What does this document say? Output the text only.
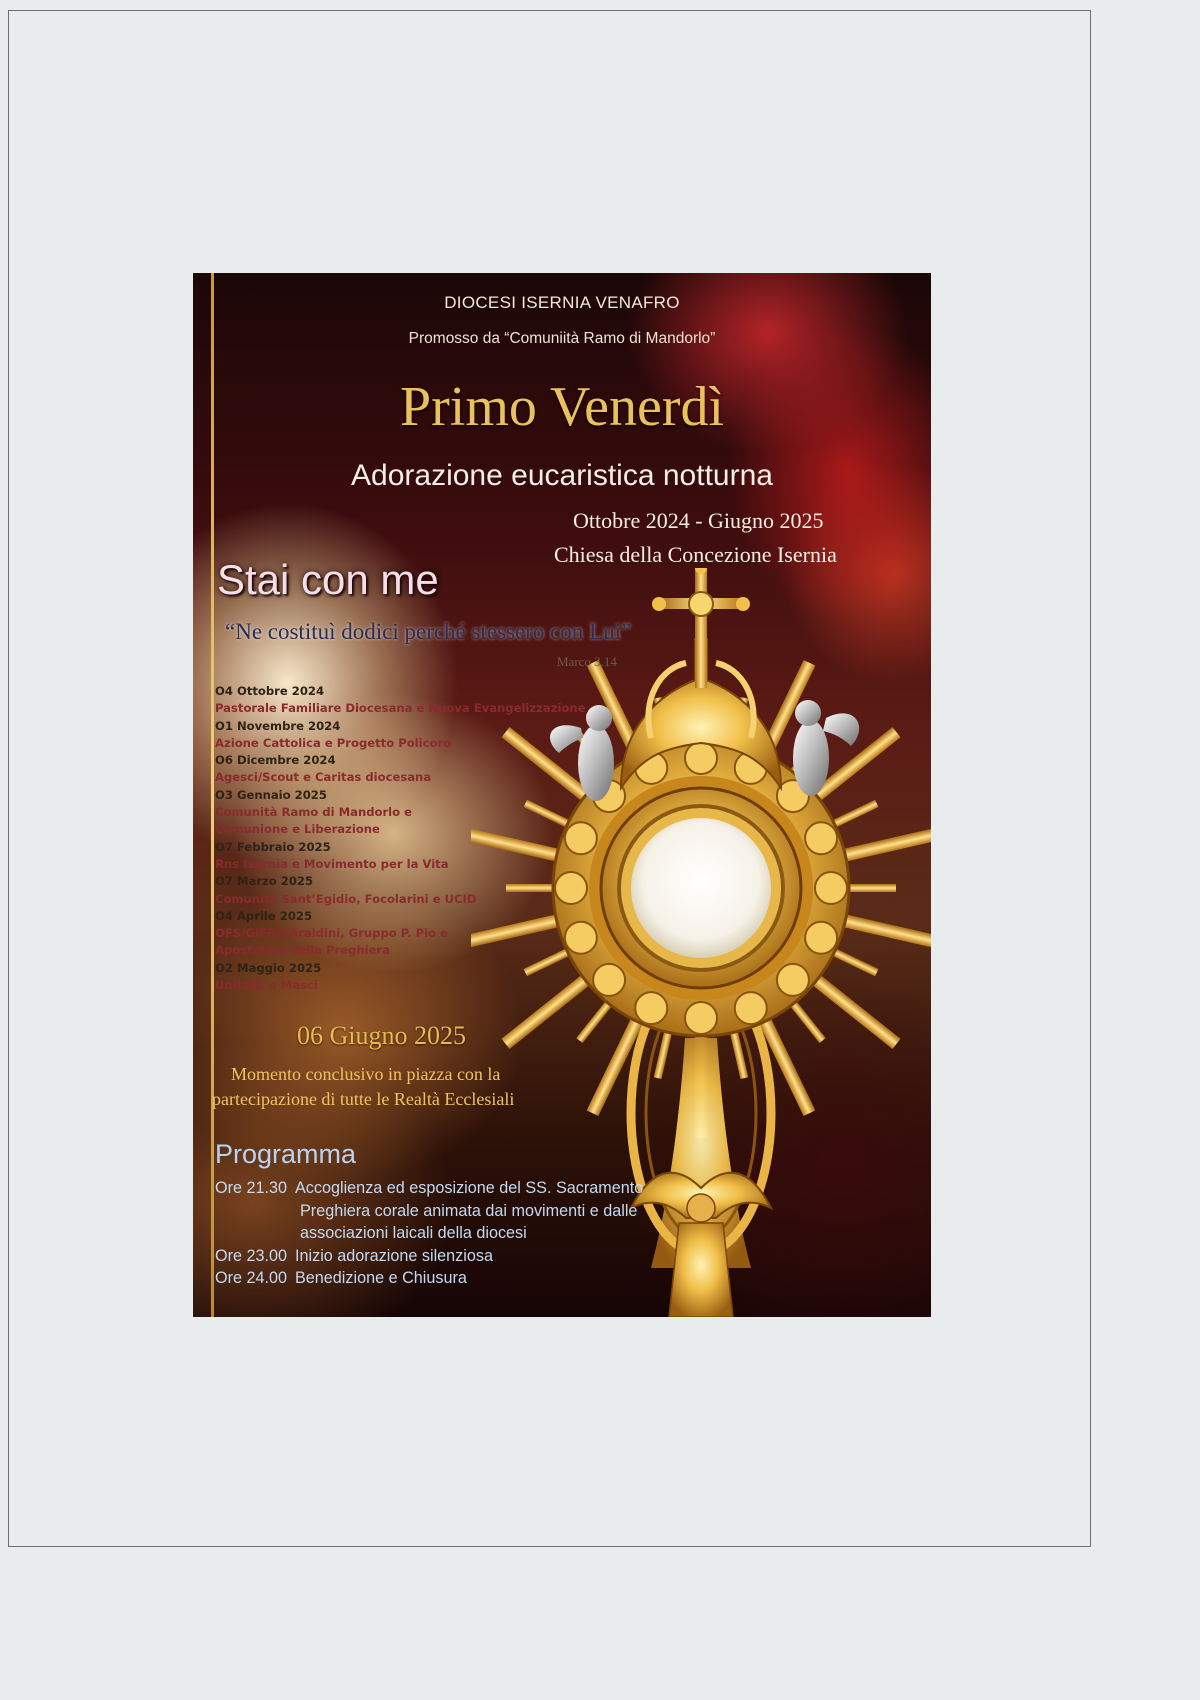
DIOCESI ISERNIA VENAFRO
Promosso da “Comuniità Ramo di Mandorlo”
Primo Venerdì
Adorazione eucaristica notturna
Ottobre 2024 - Giugno 2025
Chiesa della Concezione Isernia
Stai con me
“Ne costituì dodici perché stessero con Lui”
Marco 3.14
O4 Ottobre 2024
Pastorale Familiare Diocesana e Nuova Evangelizzazione
O1 Novembre 2024
Azione Cattolica e Progetto Policoro
O6 Dicembre 2024
Agesci/Scout e Caritas diocesana
O3 Gennaio 2025
Comunità Ramo di Mandorlo e
Comunione e Liberazione
O7 Febbraio 2025
Rns Isernia e Movimento per la Vita
O7 Marzo 2025
Comunità Sant’Egidio, Focolarini e UCID
O4 Aprile 2025
OFS/GIFRA/Araldini, Gruppo P. Pio e
Apostolato della Preghiera
O2 Maggio 2025
Unitalsi e Masci
06 Giugno 2025
Momento conclusivo in piazza con la
partecipazione di tutte le Realtà Ecclesiali
Programma
Ore 21.30 Accoglienza ed esposizione del SS. Sacramento
Preghiera corale animata dai movimenti e dalle
associazioni laicali della diocesi
Ore 23.00 Inizio adorazione silenziosa
Ore 24.00 Benedizione e Chiusura
